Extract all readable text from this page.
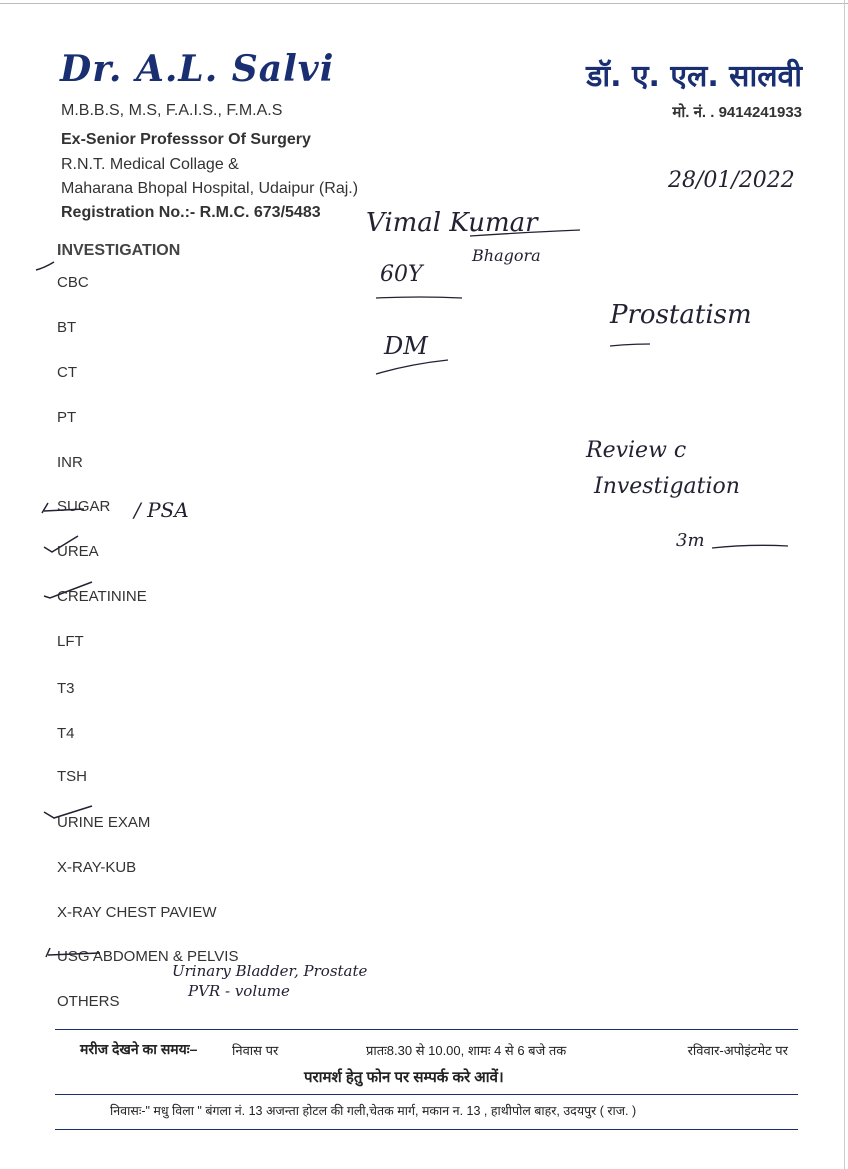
Dr. A.L. Salvi	डॉ. ए. एल. सालवी
M.B.B.S, M.S, F.A.I.S., F.M.A.S	मो. नं. . 9414241933
Ex-Senior Professsor Of Surgery
R.N.T. Medical Collage &
Maharana Bhopal Hospital, Udaipur (Raj.)
Registration No.:- R.M.C. 673/5483
INVESTIGATION
CBC
BT
CT
PT
INR
SUGAR
UREA
CREATININE
LFT
T3
T4
TSH
URINE EXAM
X-RAY-KUB
X-RAY CHEST PAVIEW
USG ABDOMEN & PELVIS
OTHERS
28/01/2022
Vimal Kumar
Bhagora
60Y
DM
Prostatism
Review c
Investigation
3m
/ PSA
Urinary Bladder, Prostate
PVR - volume
मरीज देखने का समयः–	निवास पर	प्रातः8.30 से 10.00, शामः 4 से 6 बजे तक	रविवार-अपोइंटमेट पर
परामर्श हेतु फोन पर सम्पर्क करे आवें।
निवासः-" मधु विला " बंगला नं. 13 अजन्ता होटल की गली,चेतक मार्ग, मकान न. 13 , हाथीपोल बाहर, उदयपुर ( राज. )
